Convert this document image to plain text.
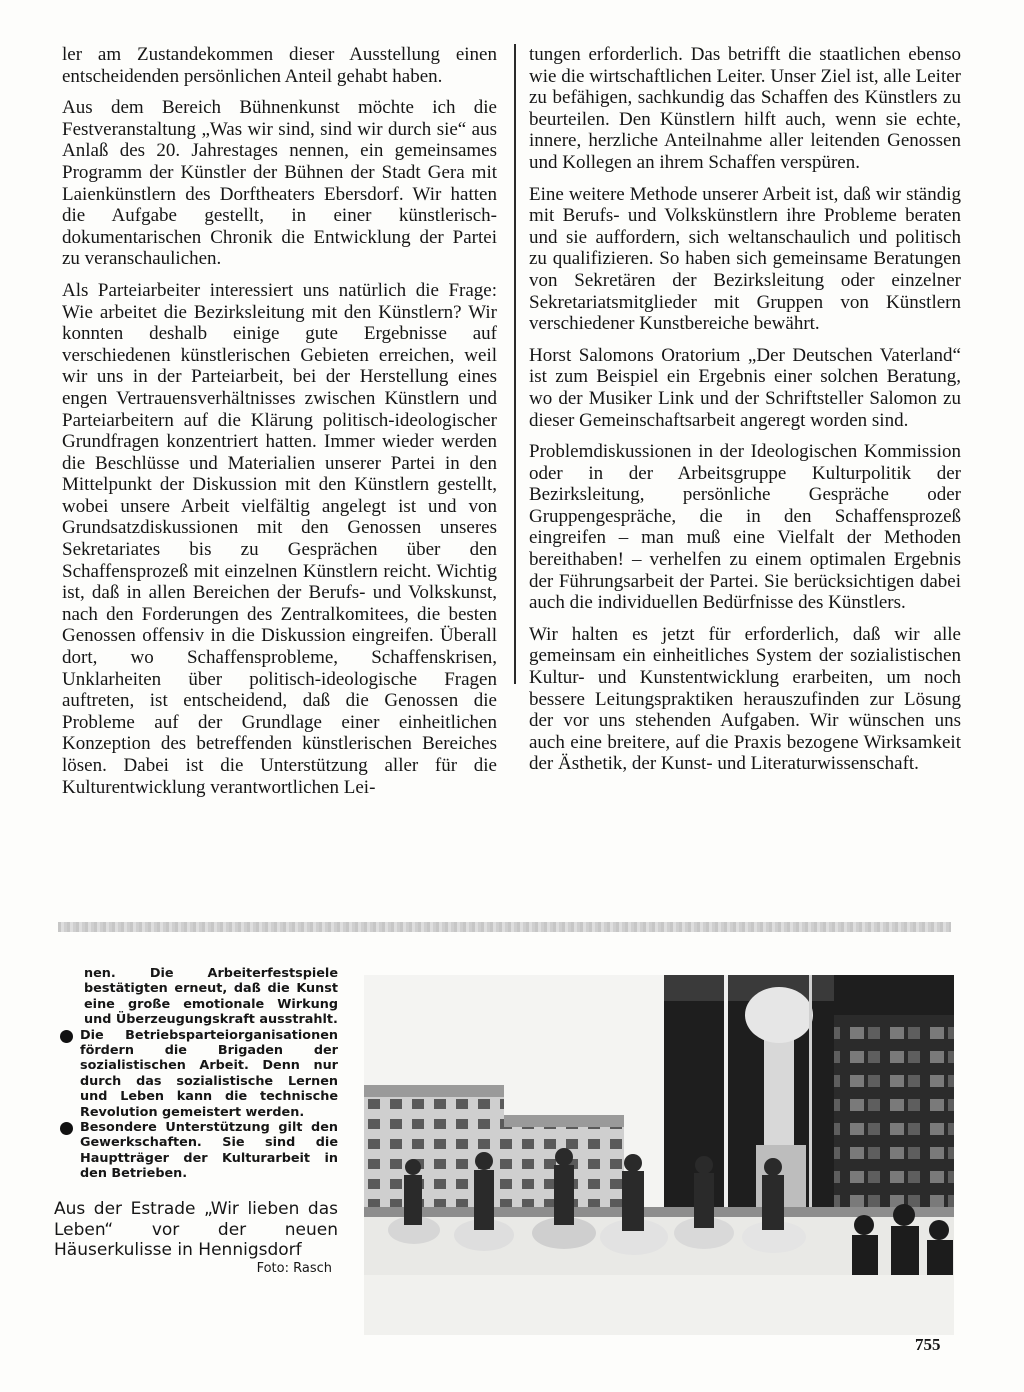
ler am Zustandekommen dieser Ausstellung einen entscheidenden persönlichen Anteil gehabt haben.

Aus dem Bereich Bühnenkunst möchte ich die Festveranstaltung „Was wir sind, sind wir durch sie“ aus Anlaß des 20. Jahrestages nennen, ein gemeinsames Programm der Künstler der Bühnen der Stadt Gera mit Laienkünstlern des Dorftheaters Ebersdorf. Wir hatten die Aufgabe gestellt, in einer künstlerisch-dokumentarischen Chronik die Entwicklung der Partei zu veranschaulichen.

Als Parteiarbeiter interessiert uns natürlich die Frage: Wie arbeitet die Bezirksleitung mit den Künstlern? Wir konnten deshalb einige gute Ergebnisse auf verschiedenen künstlerischen Gebieten erreichen, weil wir uns in der Parteiarbeit, bei der Herstellung eines engen Vertrauensverhältnisses zwischen Künstlern und Parteiarbeitern auf die Klärung politisch-ideologischer Grundfragen konzentriert hatten. Immer wieder werden die Beschlüsse und Materialien unserer Partei in den Mittelpunkt der Diskussion mit den Künstlern gestellt, wobei unsere Arbeit vielfältig angelegt ist und von Grundsatzdiskussionen mit den Genossen unseres Sekretariates bis zu Gesprächen über den Schaffensprozeß mit einzelnen Künstlern reicht. Wichtig ist, daß in allen Bereichen der Berufs- und Volkskunst, nach den Forderungen des Zentralkomitees, die besten Genossen offensiv in die Diskussion eingreifen. Überall dort, wo Schaffensprobleme, Schaffenskrisen, Unklarheiten über politisch-ideologische Fragen auftreten, ist entscheidend, daß die Genossen die Probleme auf der Grundlage einer einheitlichen Konzeption des betreffenden künstlerischen Bereiches lösen. Dabei ist die Unterstützung aller für die Kulturentwicklung verantwortlichen Lei-

tungen erforderlich. Das betrifft die staatlichen ebenso wie die wirtschaftlichen Leiter. Unser Ziel ist, alle Leiter zu befähigen, sachkundig das Schaffen des Künstlers zu beurteilen. Den Künstlern hilft auch, wenn sie echte, innere, herzliche Anteilnahme aller leitenden Genossen und Kollegen an ihrem Schaffen verspüren.

Eine weitere Methode unserer Arbeit ist, daß wir ständig mit Berufs- und Volkskünstlern ihre Probleme beraten und sie auffordern, sich weltanschaulich und politisch zu qualifizieren. So haben sich gemeinsame Beratungen von Sekretären der Bezirksleitung oder einzelner Sekretariatsmitglieder mit Gruppen von Künstlern verschiedener Kunstbereiche bewährt.

Horst Salomons Oratorium „Der Deutschen Vaterland“ ist zum Beispiel ein Ergebnis einer solchen Beratung, wo der Musiker Link und der Schriftsteller Salomon zu dieser Gemeinschaftsarbeit angeregt worden sind.

Problemdiskussionen in der Ideologischen Kommission oder in der Arbeitsgruppe Kulturpolitik der Bezirksleitung, persönliche Gespräche oder Gruppengespräche, die in den Schaffensprozeß eingreifen – man muß eine Vielfalt der Methoden bereithaben! – verhelfen zu einem optimalen Ergebnis der Führungsarbeit der Partei. Sie berücksichtigen dabei auch die individuellen Bedürfnisse des Künstlers.

Wir halten es jetzt für erforderlich, daß wir alle gemeinsam ein einheitliches System der sozialistischen Kultur- und Kunstentwicklung erarbeiten, um noch bessere Leitungspraktiken herauszufinden zur Lösung der vor uns stehenden Aufgaben. Wir wünschen uns auch eine breitere, auf die Praxis bezogene Wirksamkeit der Ästhetik, der Kunst- und Literaturwissenschaft.

nen. Die Arbeiterfestspiele bestätigten erneut, daß die Kunst eine große emotionale Wirkung und Überzeugungskraft ausstrahlt.

Die Betriebsparteiorganisationen fördern die Brigaden der sozialistischen Arbeit. Denn nur durch das sozialistische Lernen und Leben kann die technische Revolution gemeistert werden.

Besondere Unterstützung gilt den Gewerkschaften. Sie sind die Hauptträger der Kulturarbeit in den Betrieben.

Aus der Estrade „Wir lieben das Leben“ vor der neuen Häuserkulisse in Hennigsdorf

Foto: Rasch

755
